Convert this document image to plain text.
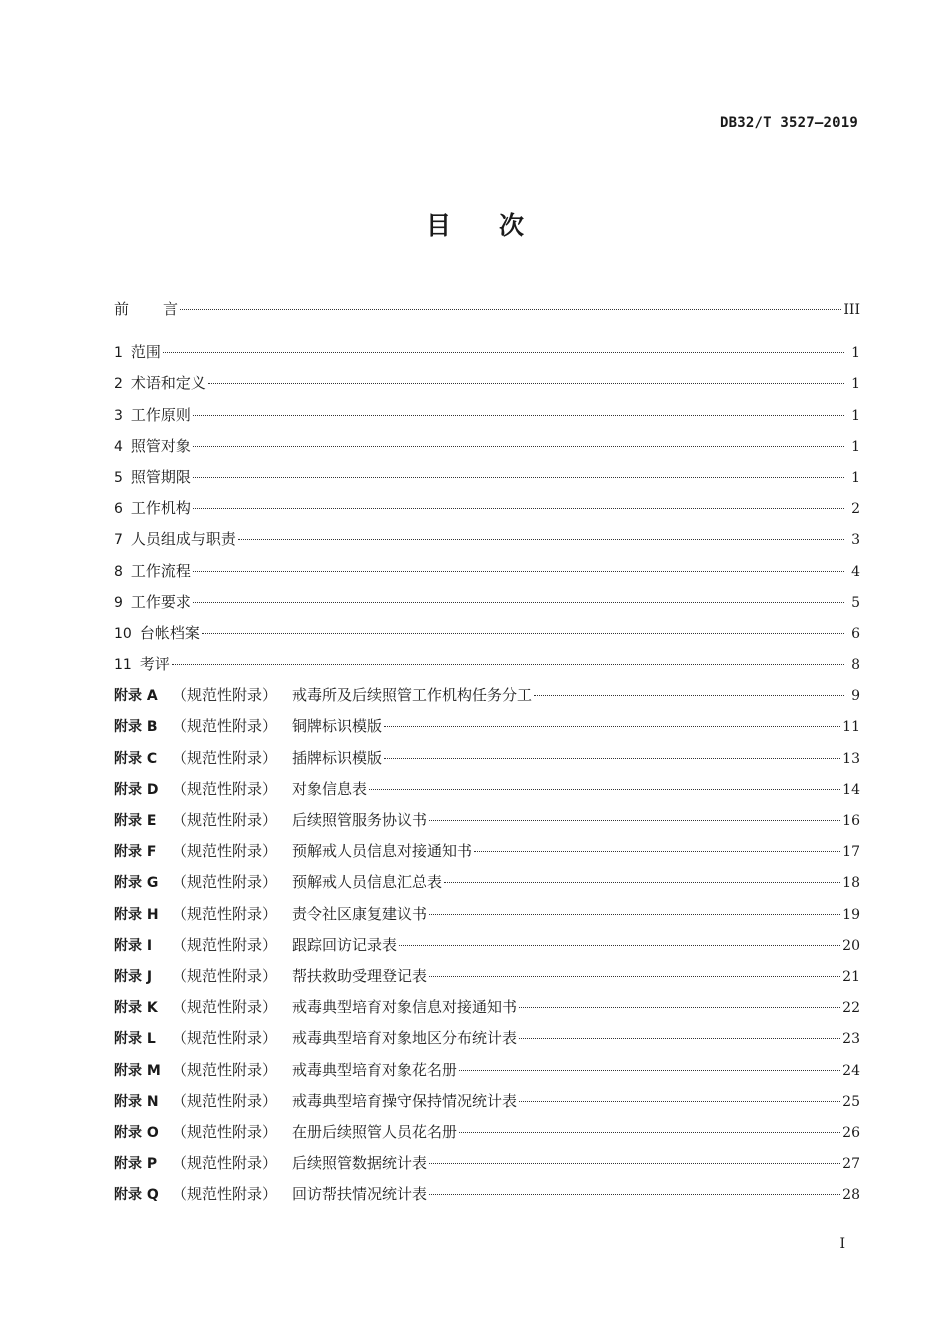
DB32/T 3527—2019
目 次
前 言	III
1 范围	1
2 术语和定义	1
3 工作原则	1
4 照管对象	1
5 照管期限	1
6 工作机构	2
7 人员组成与职责	3
8 工作流程	4
9 工作要求	5
10 台帐档案	6
11 考评	8
附录 A （规范性附录） 戒毒所及后续照管工作机构任务分工	9
附录 B （规范性附录） 铜牌标识模版	11
附录 C （规范性附录） 插牌标识模版	13
附录 D （规范性附录） 对象信息表	14
附录 E	（规范性附录） 后续照管服务协议书	16
附录 F	（规范性附录） 预解戒人员信息对接通知书	17
附录 G （规范性附录） 预解戒人员信息汇总表	18
附录 H （规范性附录） 责令社区康复建议书	19
附录 I	（规范性附录） 跟踪回访记录表	20
附录 J	（规范性附录） 帮扶救助受理登记表	21
附录 K （规范性附录） 戒毒典型培育对象信息对接通知书	22
附录 L	（规范性附录） 戒毒典型培育对象地区分布统计表	23
附录 M （规范性附录） 戒毒典型培育对象花名册	24
附录 N （规范性附录） 戒毒典型培育操守保持情况统计表	25
附录 O （规范性附录） 在册后续照管人员花名册	26
附录 P （规范性附录） 后续照管数据统计表	27
附录 Q （规范性附录） 回访帮扶情况统计表	28
I
